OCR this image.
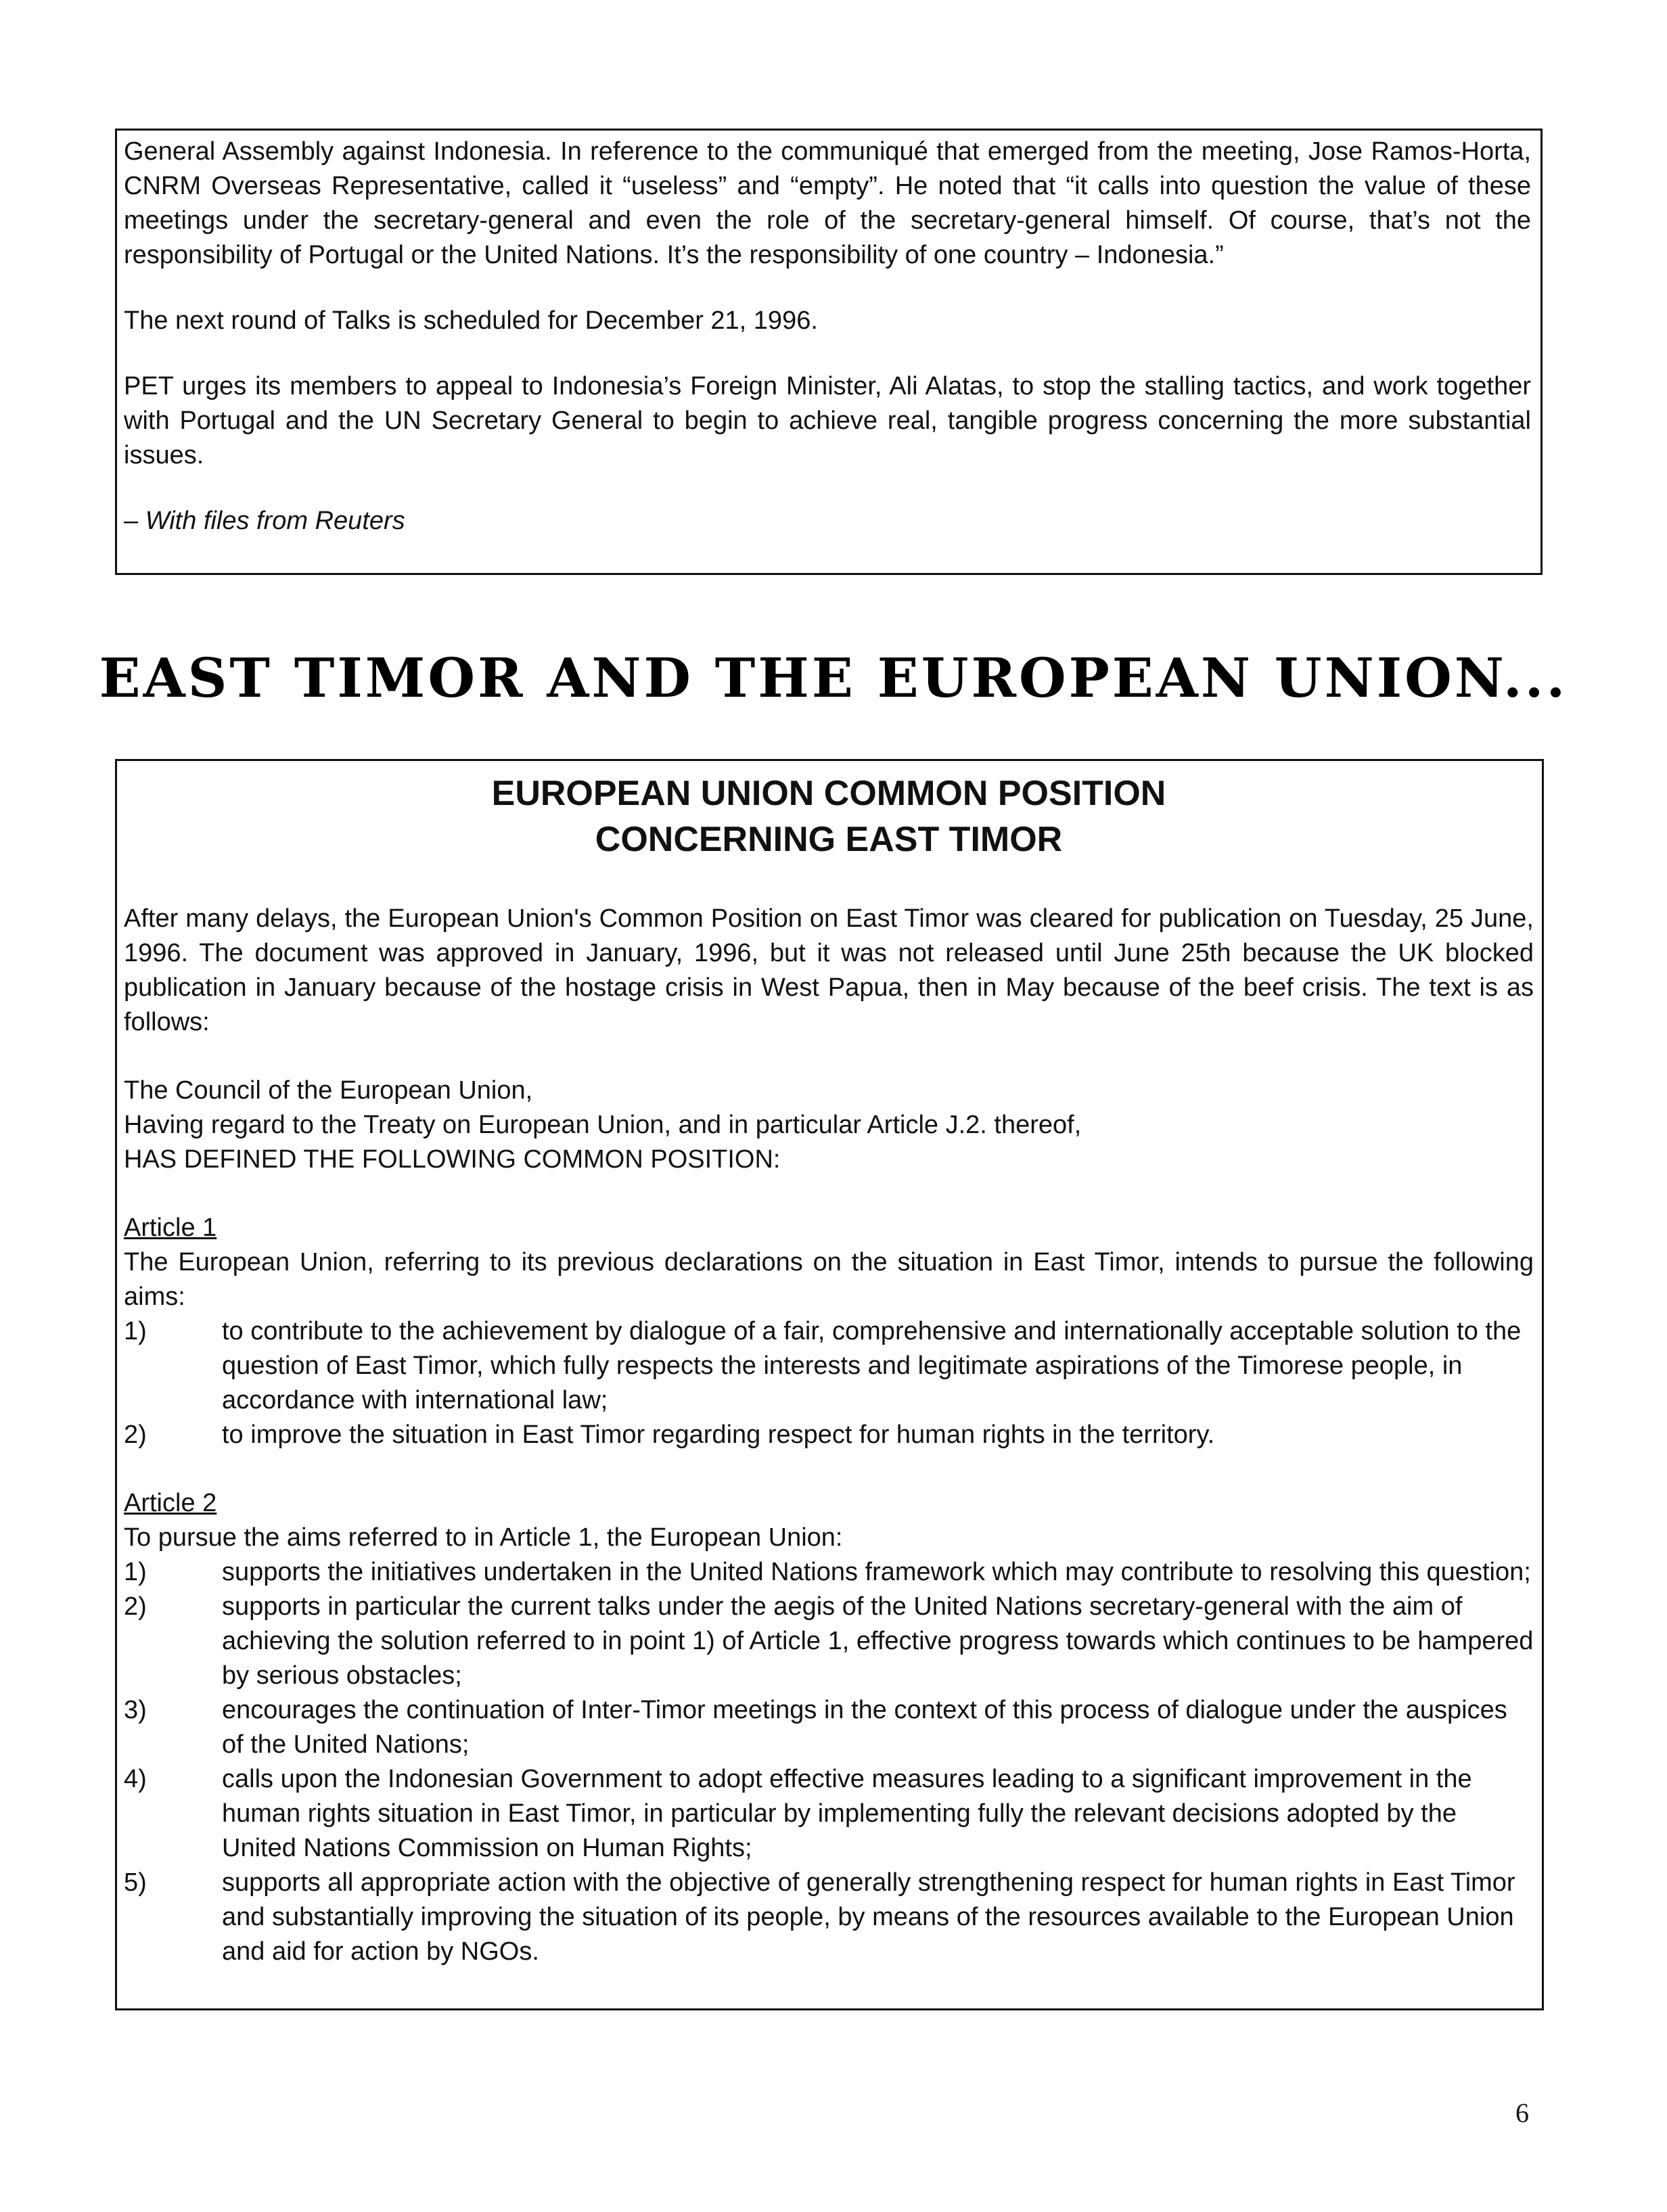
General Assembly against Indonesia. In reference to the communiqué that emerged from the meeting, Jose Ramos-Horta, CNRM Overseas Representative, called it “useless” and “empty”. He noted that “it calls into question the value of these meetings under the secretary-general and even the role of the secretary-general himself. Of course, that’s not the responsibility of Portugal or the United Nations. It’s the responsibility of one country – Indonesia.”

The next round of Talks is scheduled for December 21, 1996.

PET urges its members to appeal to Indonesia’s Foreign Minister, Ali Alatas, to stop the stalling tactics, and work together with Portugal and the UN Secretary General to begin to achieve real, tangible progress concerning the more substantial issues.

– With files from Reuters

EAST TIMOR AND THE EUROPEAN UNION...
EUROPEAN UNION COMMON POSITION
CONCERNING EAST TIMOR

After many delays, the European Union's Common Position on East Timor was cleared for publication on Tuesday, 25 June, 1996. The document was approved in January, 1996, but it was not released until June 25th because the UK blocked publication in January because of the hostage crisis in West Papua, then in May because of the beef crisis. The text is as follows:

The Council of the European Union,
Having regard to the Treaty on European Union, and in particular Article J.2. thereof,
HAS DEFINED THE FOLLOWING COMMON POSITION:

Article 1

The European Union, referring to its previous declarations on the situation in East Timor, intends to pursue the following aims:

1)	to contribute to the achievement by dialogue of a fair, comprehensive and internationally acceptable solution to the question of East Timor, which fully respects the interests and legitimate aspirations of the Timorese people, in accordance with international law;
2)	to improve the situation in East Timor regarding respect for human rights in the territory.

Article 2

To pursue the aims referred to in Article 1, the European Union:

1)	supports the initiatives undertaken in the United Nations framework which may contribute to resolving this question;
2)	supports in particular the current talks under the aegis of the United Nations secretary-general with the aim of achieving the solution referred to in point 1) of Article 1, effective progress towards which continues to be hampered by serious obstacles;
3)	encourages the continuation of Inter-Timor meetings in the context of this process of dialogue under the auspices of the United Nations;
4)	calls upon the Indonesian Government to adopt effective measures leading to a significant improvement in the human rights situation in East Timor, in particular by implementing fully the relevant decisions adopted by the United Nations Commission on Human Rights;
5)	supports all appropriate action with the objective of generally strengthening respect for human rights in East Timor and substantially improving the situation of its people, by means of the resources available to the European Union and aid for action by NGOs.
6
